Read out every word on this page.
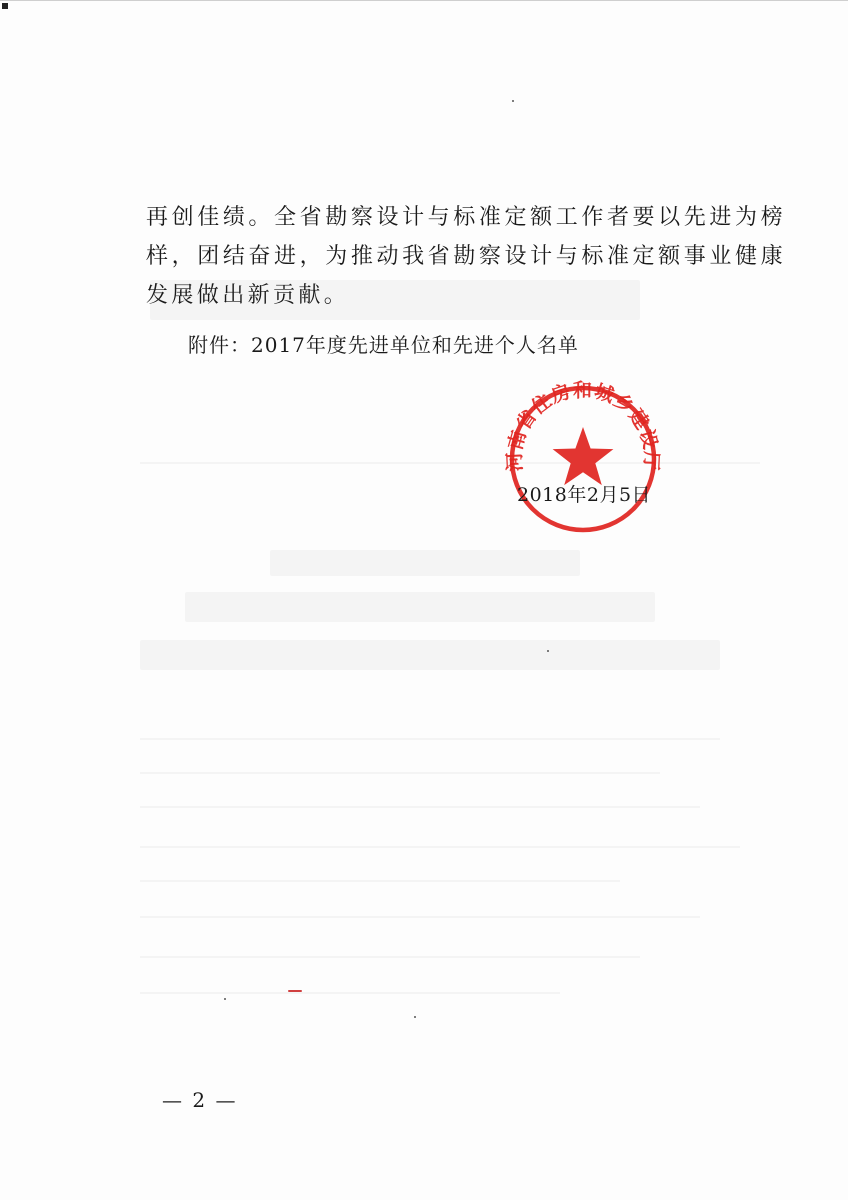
再创佳绩。全省勘察设计与标准定额工作者要以先进为榜样，团结奋进，为推动我省勘察设计与标准定额事业健康发展做出新贡献。

附件：2017年度先进单位和先进个人名单
河南省住房和城乡建设厅
2018年2月5日
— 2 —
